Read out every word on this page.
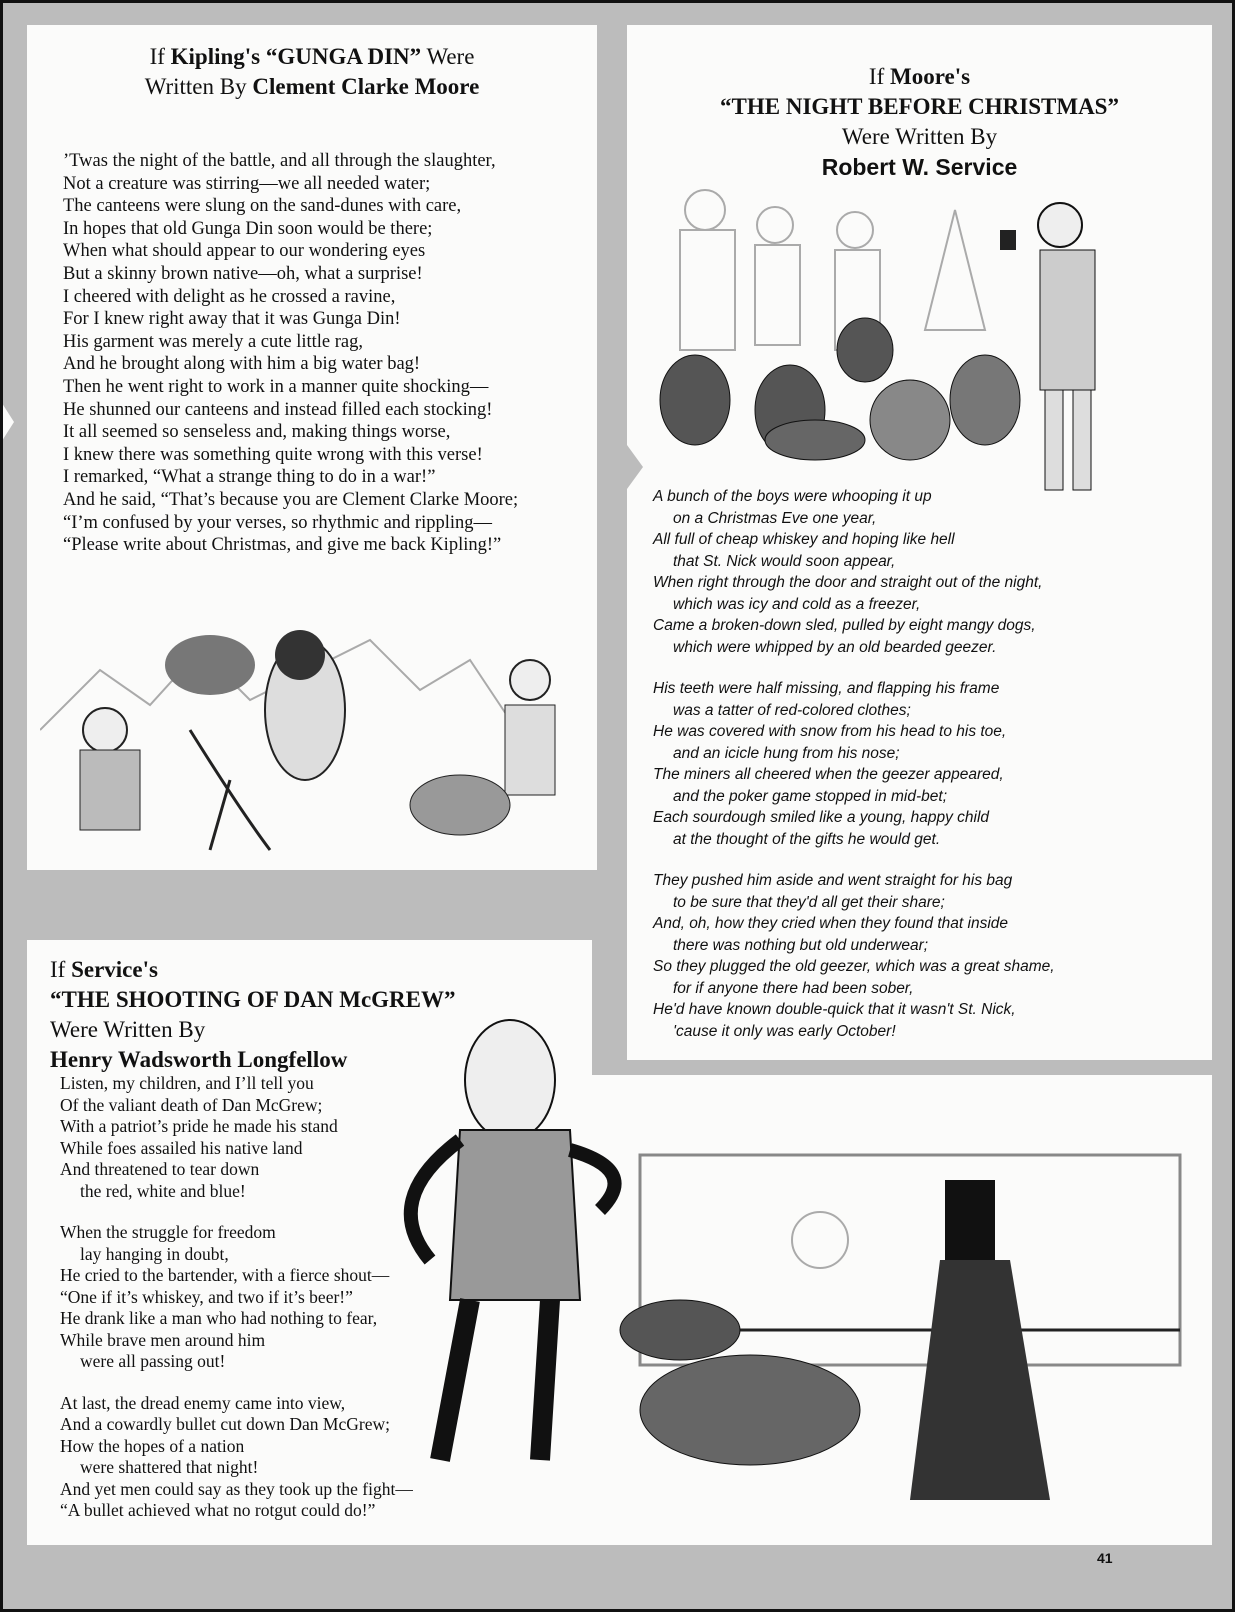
If Kipling's “GUNGA DIN” Were
Written By Clement Clarke Moore
’Twas the night of the battle, and all through the slaughter,
Not a creature was stirring—we all needed water;
The canteens were slung on the sand-dunes with care,
In hopes that old Gunga Din soon would be there;
When what should appear to our wondering eyes
But a skinny brown native—oh, what a surprise!
I cheered with delight as he crossed a ravine,
For I knew right away that it was Gunga Din!
His garment was merely a cute little rag,
And he brought along with him a big water bag!
Then he went right to work in a manner quite shocking—
He shunned our canteens and instead filled each stocking!
It all seemed so senseless and, making things worse,
I knew there was something quite wrong with this verse!
I remarked, “What a strange thing to do in a war!”
And he said, “That’s because you are Clement Clarke Moore;
“I’m confused by your verses, so rhythmic and rippling—
“Please write about Christmas, and give me back Kipling!”
If Moore's
“THE NIGHT BEFORE CHRISTMAS”
Were Written By
Robert W. Service
A bunch of the boys were whooping it up
on a Christmas Eve one year,
All full of cheap whiskey and hoping like hell
that St. Nick would soon appear,
When right through the door and straight out of the night,
which was icy and cold as a freezer,
Came a broken-down sled, pulled by eight mangy dogs,
which were whipped by an old bearded geezer.
His teeth were half missing, and flapping his frame
was a tatter of red-colored clothes;
He was covered with snow from his head to his toe,
and an icicle hung from his nose;
The miners all cheered when the geezer appeared,
and the poker game stopped in mid-bet;
Each sourdough smiled like a young, happy child
at the thought of the gifts he would get.
They pushed him aside and went straight for his bag
to be sure that they'd all get their share;
And, oh, how they cried when they found that inside
there was nothing but old underwear;
So they plugged the old geezer, which was a great shame,
for if anyone there had been sober,
He'd have known double-quick that it wasn't St. Nick,
'cause it only was early October!
If Service's
“THE SHOOTING OF DAN McGREW”
Were Written By
Henry Wadsworth Longfellow
Listen, my children, and I’ll tell you
Of the valiant death of Dan McGrew;
With a patriot’s pride he made his stand
While foes assailed his native land
And threatened to tear down
the red, white and blue!
When the struggle for freedom
lay hanging in doubt,
He cried to the bartender, with a fierce shout—
“One if it’s whiskey, and two if it’s beer!”
He drank like a man who had nothing to fear,
While brave men around him
were all passing out!
At last, the dread enemy came into view,
And a cowardly bullet cut down Dan McGrew;
How the hopes of a nation
were shattered that night!
And yet men could say as they took up the fight—
“A bullet achieved what no rotgut could do!”
41
